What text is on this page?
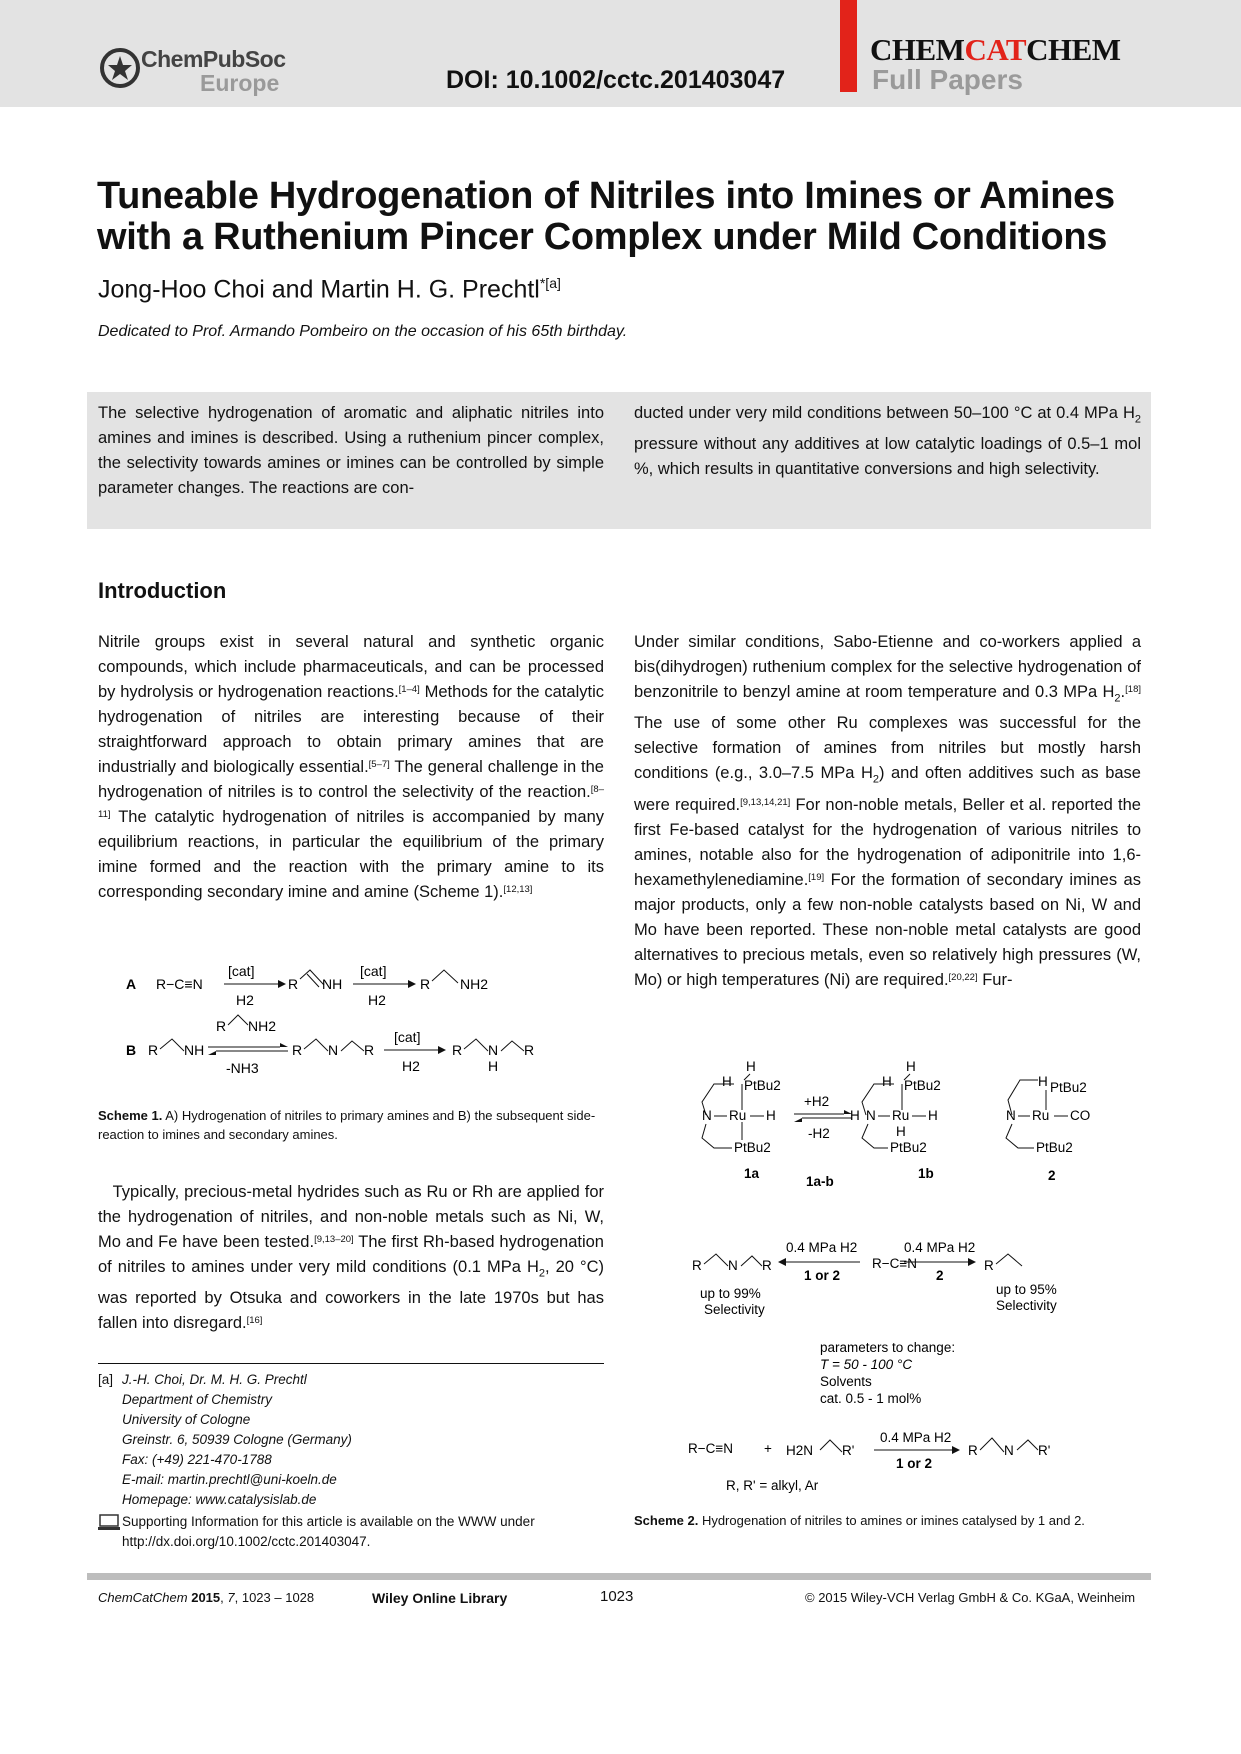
ChemPubSoc
Europe	DOI: 10.1002/cctc.201403047
CHEMCATCHEM
Full Papers
Tuneable Hydrogenation of Nitriles into Imines or Amines with a Ruthenium Pincer Complex under Mild Conditions
Jong-Hoo Choi and Martin H. G. Prechtl$^{*[a]}$
Dedicated to Prof. Armando Pombeiro on the occasion of his 65th birthday.
The selective hydrogenation of aromatic and aliphatic nitriles into amines and imines is described. Using a ruthenium pincer complex, the selectivity towards amines or imines can be controlled by simple parameter changes. The reactions are con-
ducted under very mild conditions between 50–100 °C at 0.4 MPa $H_2$ pressure without any additives at low catalytic loadings of 0.5–1 mol %, which results in quantitative conversions and high selectivity.
Introduction
Nitrile groups exist in several natural and synthetic organic compounds, which include pharmaceuticals, and can be processed by hydrolysis or hydrogenation reactions.[1–4] Methods for the catalytic hydrogenation of nitriles are interesting because of their straightforward approach to obtain primary amines that are industrially and biologically essential.[5–7] The general challenge in the hydrogenation of nitriles is to control the selectivity of the reaction.[8–11] The catalytic hydrogenation of nitriles is accompanied by many equilibrium reactions, in particular the equilibrium of the primary imine formed and the reaction with the primary amine to its corresponding secondary imine and amine (Scheme 1).[12,13]
Under similar conditions, Sabo-Etienne and co-workers applied a bis(dihydrogen) ruthenium complex for the selective hydrogenation of benzonitrile to benzyl amine at room temperature and 0.3 MPa $H_2.[18]$ The use of some other Ru complexes was successful for the selective formation of amines from nitriles but mostly harsh conditions (e.g., 3.0–7.5 MPa $H_2$) and often additives such as base were required.[9,13,14,21] For non-noble metals, Beller et al. reported the first Fe-based catalyst for the hydrogenation of various nitriles to amines, notable also for the hydrogenation of adiponitrile into 1,6-hexamethylenediamine.[19] For the formation of secondary imines as major products, only a few non-noble catalysts based on Ni, W and Mo have been reported. These non-noble metal catalysts are good alternatives to precious metals, even so relatively high pressures (W, Mo) or high temperatures (Ni) are required.[20,22] Fur-
A R−C≡N
[cat]
H2
R NH
[cat]
H2
R NH2
B R NH
R NH2
-NH3
R N R
[cat]
H2
R N
H
R
Scheme 1. A) Hydrogenation of nitriles to primary amines and B) the subsequent side-reaction to imines and secondary amines.
Typically, precious-metal hydrides such as Ru or Rh are applied for the hydrogenation of nitriles, and non-noble metals such as Ni, W, Mo and Fe have been tested.[9,13–20] The first Rh-based hydrogenation of nitriles to amines under very mild conditions (0.1 MPa $H_2$, 20 °C) was reported by Otsuka and coworkers in the late 1970s but has fallen into disregard.[16]
H
H PtBu2
N Ru H
PtBu2
1a
+H2
-H2
1a-b
H
H PtBu2
H N Ru H
H
PtBu2
1b
H PtBu2
N Ru CO
PtBu2
2
R N R
0.4 MPa H2
1 or 2
R−C≡N
0.4 MPa H2
2
R
up to 99%
Selectivity
up to 95%
Selectivity
parameters to change:
T = 50 - 100 °C
Solvents
cat. 0.5 - 1 mol%
R−C≡N + H2N R'
0.4 MPa H2
1 or 2
R N R'
R, R' = alkyl, Ar
Scheme 2. Hydrogenation of nitriles to amines or imines catalysed by 1 and 2.
[a] J.-H. Choi, Dr. M. H. G. Prechtl
Department of Chemistry
University of Cologne
Greinstr. 6, 50939 Cologne (Germany)
Fax: (+49) 221-470-1788
E-mail: martin.prechtl@uni-koeln.de
Homepage: www.catalysislab.de
Supporting Information for this article is available on the WWW under
http://dx.doi.org/10.1002/cctc.201403047.
ChemCatChem 2015, 7, 1023 – 1028	Wiley Online Library	1023	© 2015 Wiley-VCH Verlag GmbH & Co. KGaA, Weinheim
